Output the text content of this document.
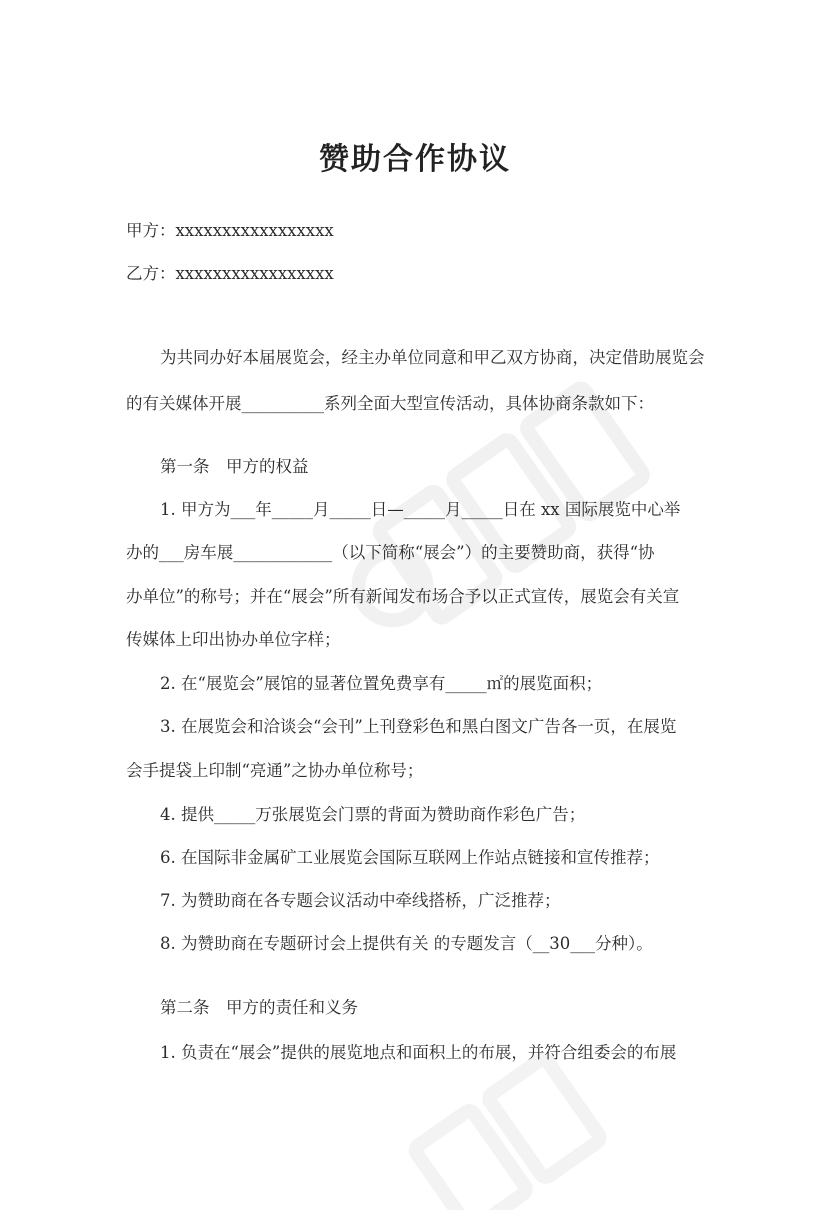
赞助合作协议
甲方：xxxxxxxxxxxxxxxxx
乙方：xxxxxxxxxxxxxxxxx
为共同办好本届展览会，经主办单位同意和甲乙双方协商，决定借助展览会
的有关媒体开展__________系列全面大型宣传活动，具体协商条款如下：
第一条　甲方的权益
1. 甲方为___年_____月_____日—_____月_____日在 xx 国际展览中心举
办的___房车展____________（以下简称“展会”）的主要赞助商，获得“协
办单位”的称号；并在“展会”所有新闻发布场合予以正式宣传，展览会有关宣
传媒体上印出协办单位字样；
2. 在“展览会”展馆的显著位置免费享有_____㎡的展览面积；
3. 在展览会和洽谈会“会刊”上刊登彩色和黑白图文广告各一页，在展览
会手提袋上印制“亮通”之协办单位称号；
4. 提供_____万张展览会门票的背面为赞助商作彩色广告；
6. 在国际非金属矿工业展览会国际互联网上作站点链接和宣传推荐；
7. 为赞助商在各专题会议活动中牵线搭桥，广泛推荐；
8. 为赞助商在专题研讨会上提供有关 的专题发言（__30___分种）。
第二条　甲方的责任和义务
1. 负责在“展会”提供的展览地点和面积上的布展，并符合组委会的布展
